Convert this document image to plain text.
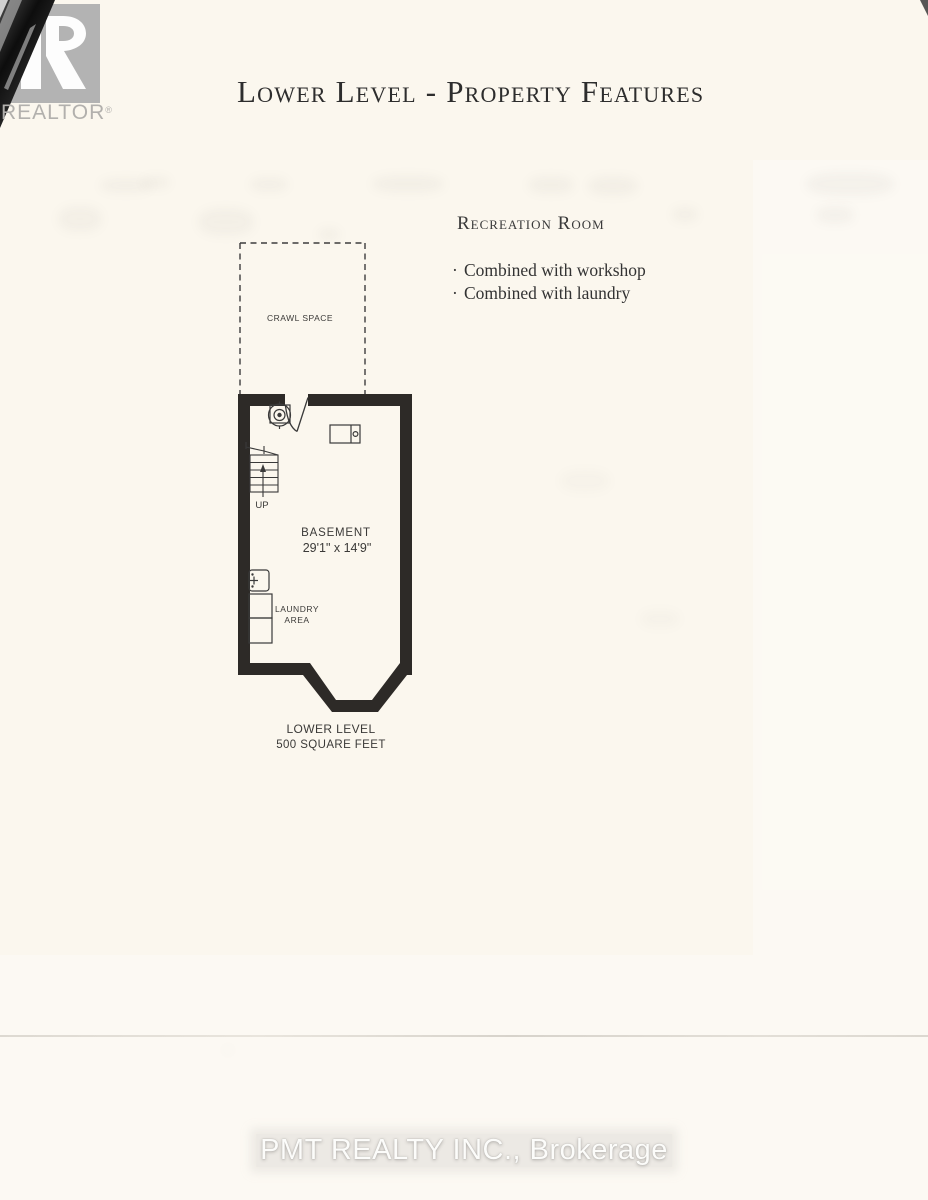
REALTOR®
Lower Level - Property Features
Recreation Room
· Combined with workshop
· Combined with laundry
CRAWL SPACE
UP
BASEMENT
29'1" x 14'9"
LAUNDRY
AREA
LOWER LEVEL
500 SQUARE FEET
PMT REALTY INC., Brokerage
